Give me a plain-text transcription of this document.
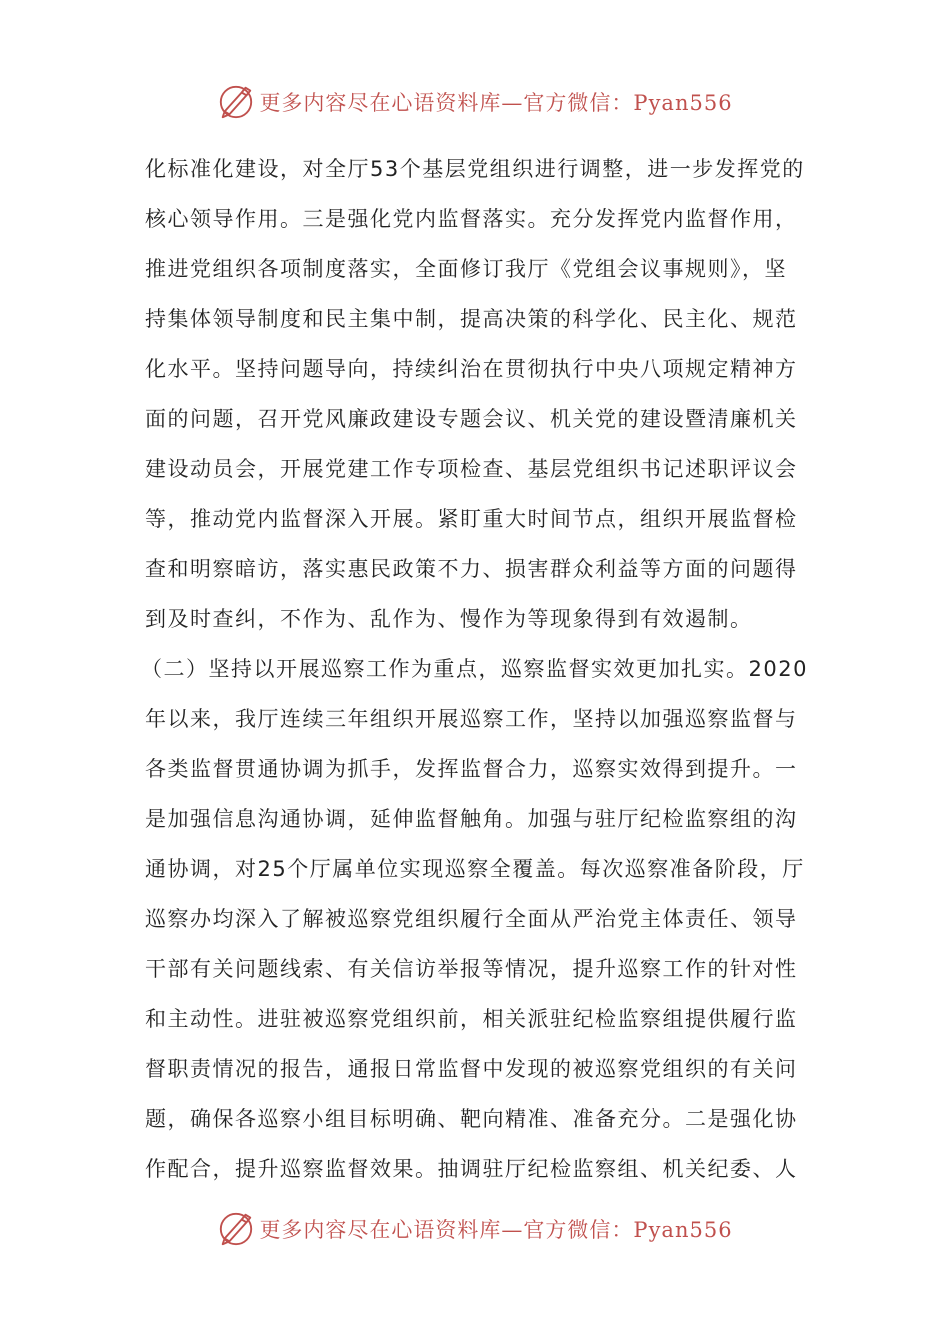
更多内容尽在心语资料库—官方微信：Pyan556
化标准化建设，对全厅53个基层党组织进行调整，进一步发挥党的
核心领导作用。三是强化党内监督落实。充分发挥党内监督作用，
推进党组织各项制度落实，全面修订我厅《党组会议事规则》，坚
持集体领导制度和民主集中制，提高决策的科学化、民主化、规范
化水平。坚持问题导向，持续纠治在贯彻执行中央八项规定精神方
面的问题，召开党风廉政建设专题会议、机关党的建设暨清廉机关
建设动员会，开展党建工作专项检查、基层党组织书记述职评议会
等，推动党内监督深入开展。紧盯重大时间节点，组织开展监督检
查和明察暗访，落实惠民政策不力、损害群众利益等方面的问题得
到及时查纠，不作为、乱作为、慢作为等现象得到有效遏制。
（二）坚持以开展巡察工作为重点，巡察监督实效更加扎实。2020
年以来，我厅连续三年组织开展巡察工作，坚持以加强巡察监督与
各类监督贯通协调为抓手，发挥监督合力，巡察实效得到提升。一
是加强信息沟通协调，延伸监督触角。加强与驻厅纪检监察组的沟
通协调，对25个厅属单位实现巡察全覆盖。每次巡察准备阶段，厅
巡察办均深入了解被巡察党组织履行全面从严治党主体责任、领导
干部有关问题线索、有关信访举报等情况，提升巡察工作的针对性
和主动性。进驻被巡察党组织前，相关派驻纪检监察组提供履行监
督职责情况的报告，通报日常监督中发现的被巡察党组织的有关问
题，确保各巡察小组目标明确、靶向精准、准备充分。二是强化协
作配合，提升巡察监督效果。抽调驻厅纪检监察组、机关纪委、人
更多内容尽在心语资料库—官方微信：Pyan556
